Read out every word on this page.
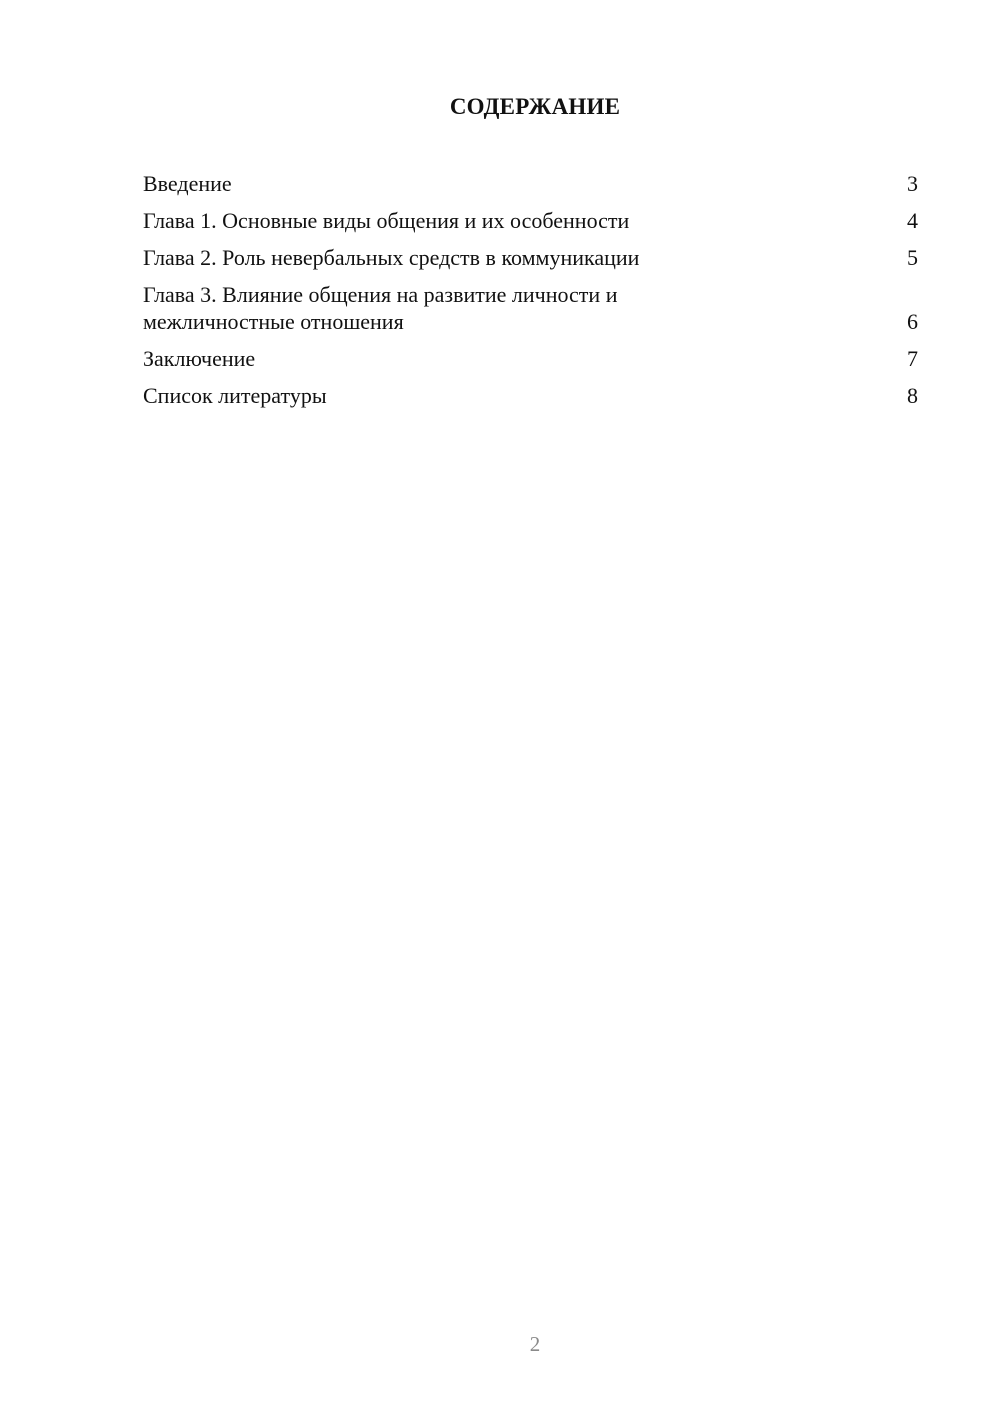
СОДЕРЖАНИЕ
Введение	3
Глава 1. Основные виды общения и их особенности	4
Глава 2. Роль невербальных средств в коммуникации	5
Глава 3. Влияние общения на развитие личности и межличностные отношения	6
Заключение	7
Список литературы	8
2
